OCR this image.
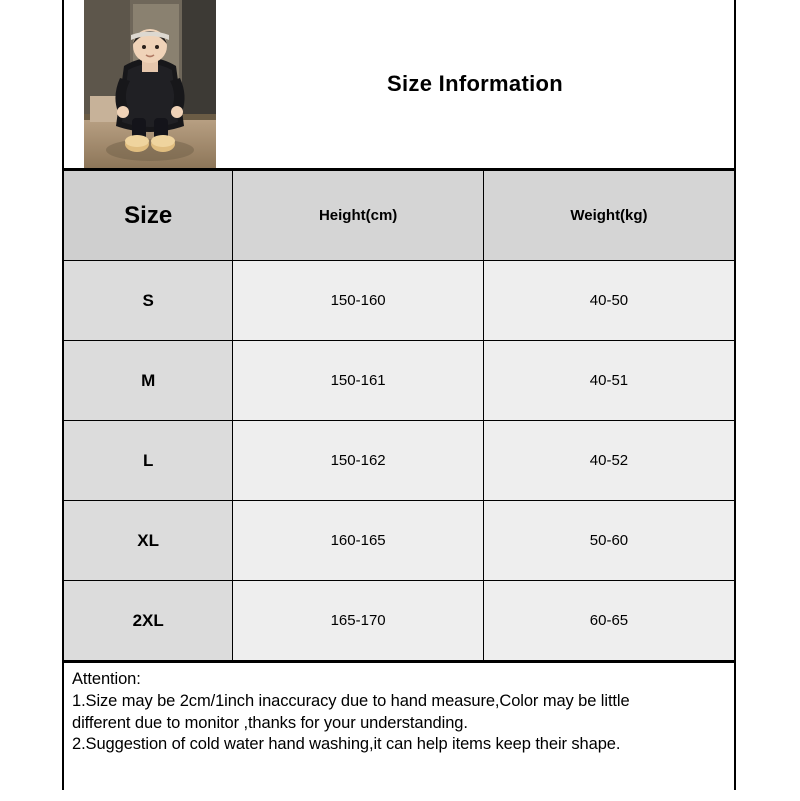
Size Information
Size	Height(cm)	Weight(kg)
S	150-160	40-50
M	150-161	40-51
L	150-162	40-52
XL	160-165	50-60
2XL	165-170	60-65

Attention:

1.Size may be 2cm/1inch inaccuracy due to hand measure,Color may be little

different due to monitor ,thanks for your understanding.

2.Suggestion of cold water hand washing,it can help items keep their shape.
